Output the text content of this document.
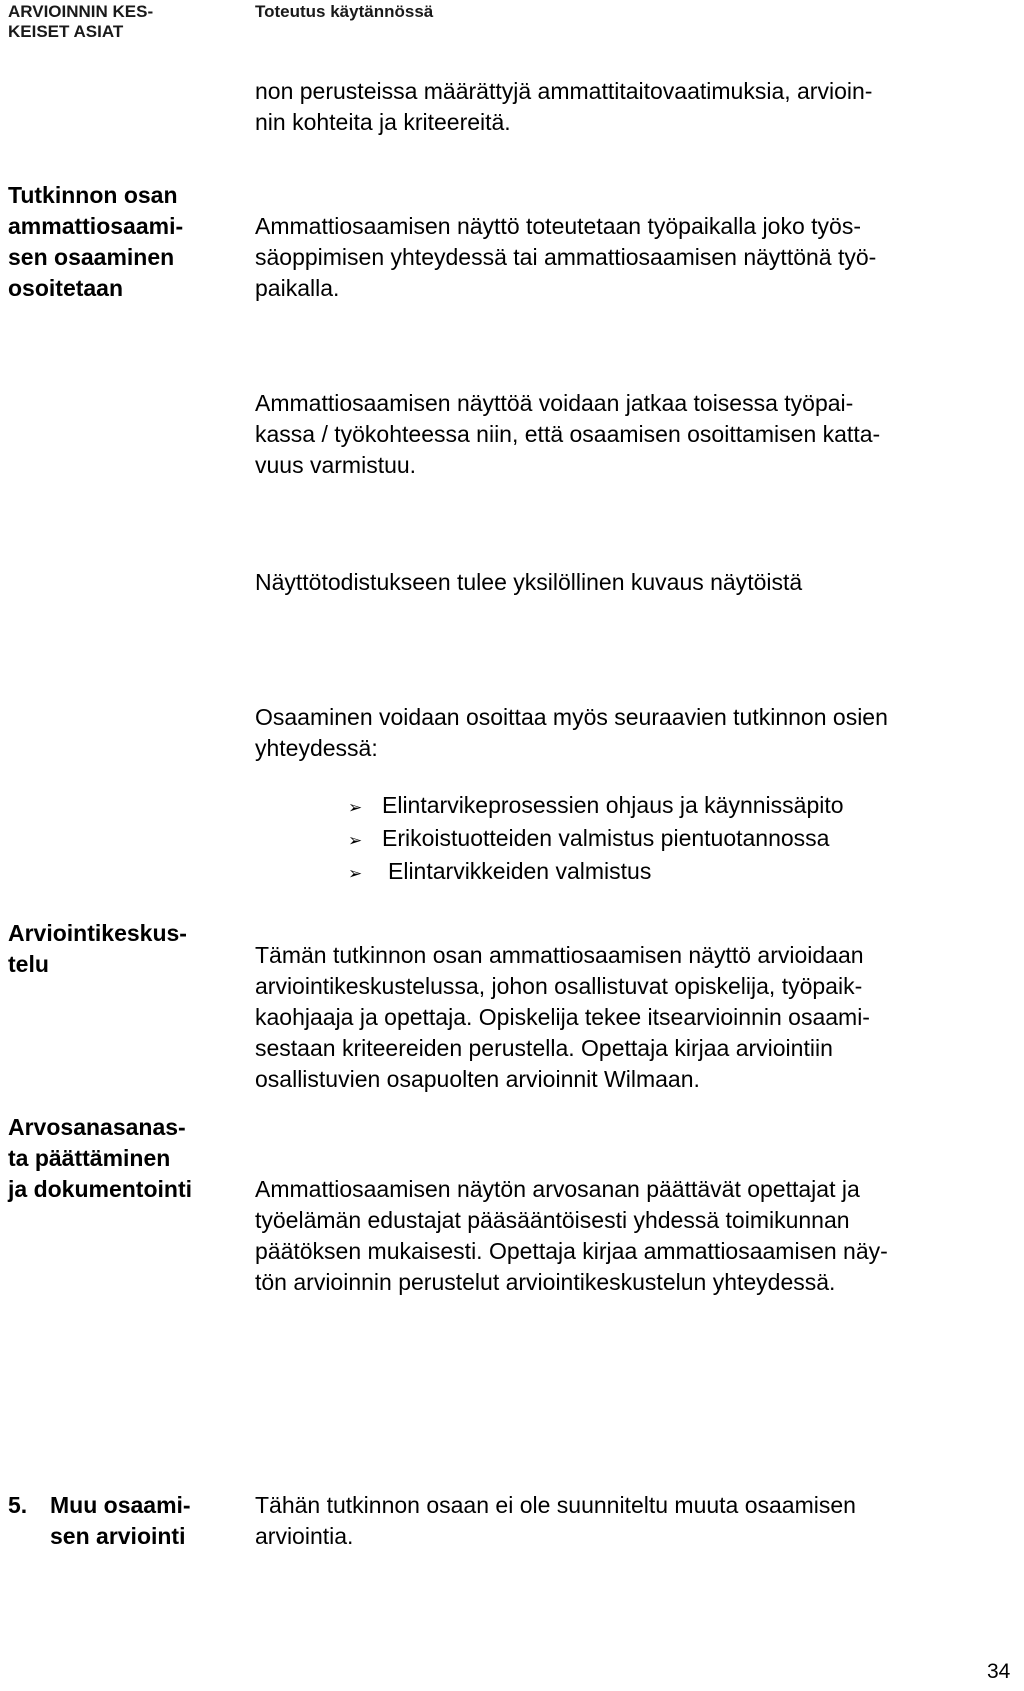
ARVIOINNIN KES-
KEISET ASIAT

Toteutus käytännössä

non perusteissa määrättyjä ammattitaitovaatimuksia, arvioin-
nin kohteita ja kriteereitä.

Tutkinnon osan
ammattiosaami-
sen osaaminen
osoitetaan

Ammattiosaamisen näyttö toteutetaan työpaikalla joko työs-
säoppimisen yhteydessä tai ammattiosaamisen näyttönä työ-
paikalla.

Ammattiosaamisen näyttöä voidaan jatkaa toisessa työpai-
kassa / työkohteessa niin, että osaamisen osoittamisen katta-
vuus varmistuu.

Näyttötodistukseen tulee yksilöllinen kuvaus näytöistä

Osaaminen voidaan osoittaa myös seuraavien tutkinnon osien
yhteydessä:

➢ Elintarvikeprosessien ohjaus ja käynnissäpito
➢ Erikoistuotteiden valmistus pientuotannossa
➢	Elintarvikkeiden valmistus

Arviointikeskus-
telu	Tämän tutkinnon osan ammattiosaamisen näyttö arvioidaan
arviointikeskustelussa, johon osallistuvat opiskelija, työpaik-
kaohjaaja ja opettaja. Opiskelija tekee itsearvioinnin osaami-
sestaan kriteereiden perustella. Opettaja kirjaa arviointiin
osallistuvien osapuolten arvioinnit Wilmaan.

Arvosanasanas-
ta päättäminen
ja dokumentointi	Ammattiosaamisen näytön arvosanan päättävät opettajat ja
työelämän edustajat pääsääntöisesti yhdessä toimikunnan
päätöksen mukaisesti. Opettaja kirjaa ammattiosaamisen näy-
tön arvioinnin perustelut arviointikeskustelun yhteydessä.

5. Muu osaami-
sen arviointi

Tähän tutkinnon osaan ei ole suunniteltu muuta osaamisen
arviointia.

34
